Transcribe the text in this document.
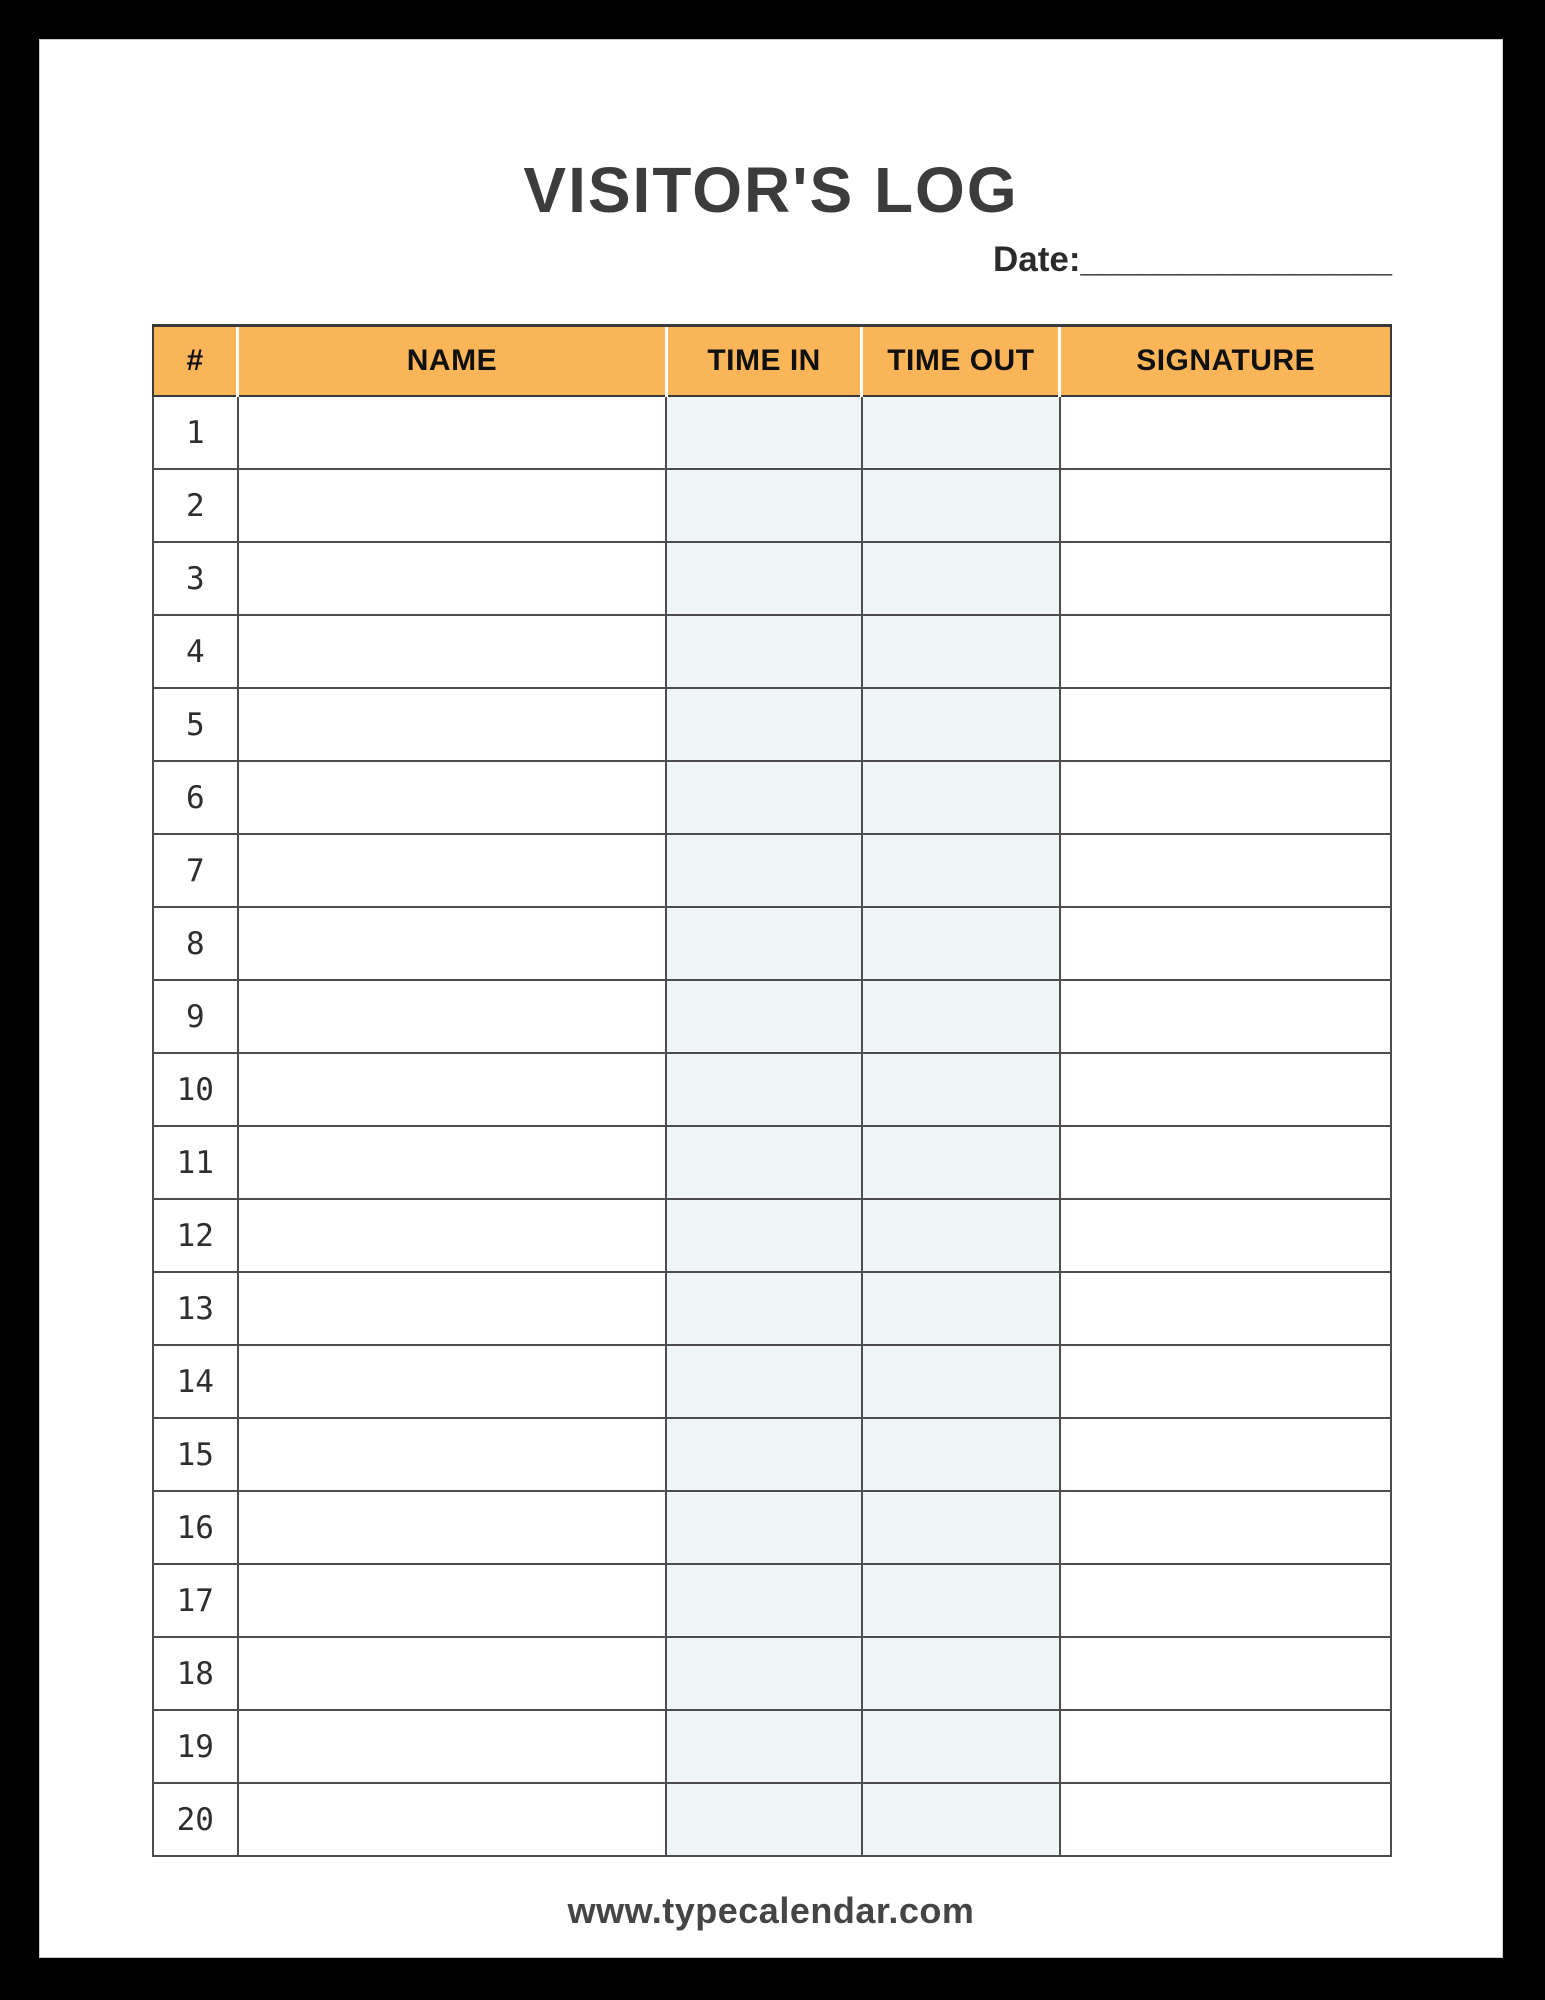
VISITOR'S LOG
Date:________________
#	NAME	TIME IN	TIME OUT	SIGNATURE
1				
2				
3				
4				
5				
6				
7				
8				
9				
10				
11				
12				
13				
14				
15				
16				
17				
18				
19				
20				
www.typecalendar.com
